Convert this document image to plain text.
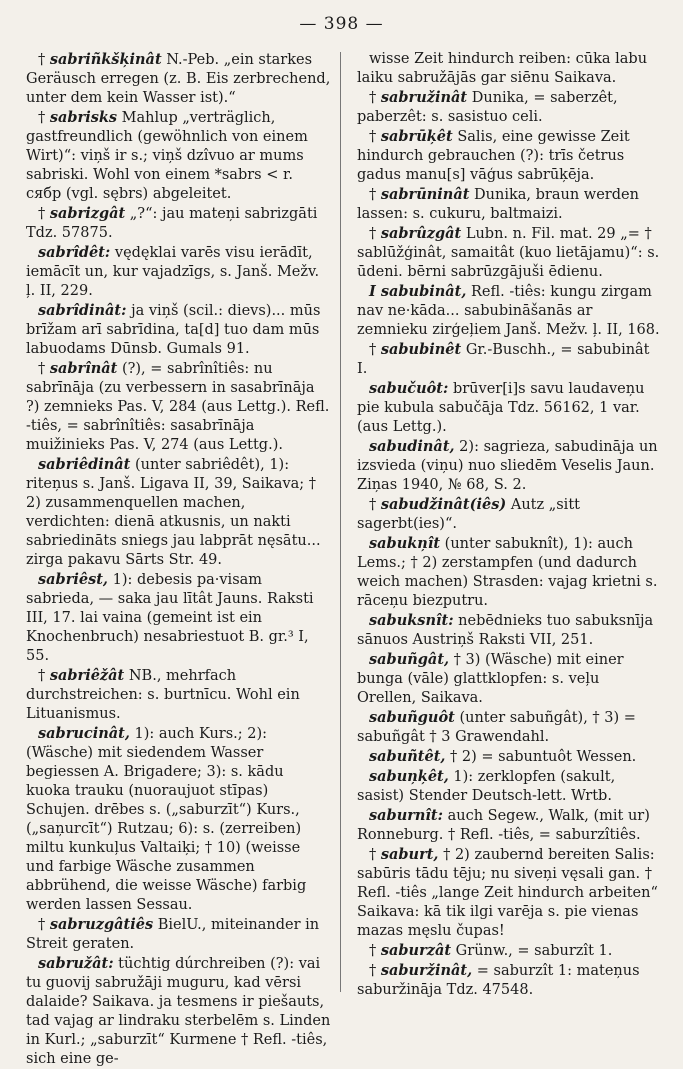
— 398 —
† sabriñkšķinât N.-Peb. „ein starkes Geräusch erregen (z. B. Eis zerbrechend, unter dem kein Wasser ist).“
† sabrisks Mahlup „verträglich, gastfreundlich (gewöhnlich von einem Wirt)“: viņš ir s.; viņš dzîvuo ar mums sabriski. Wohl von einem *sabrs < r. сябр (vgl. sębrs) abgeleitet.
† sabrizgât „?“: jau mateņi sabrizgāti Tdz. 57875.
sabrîdêt: vędęklai varēs visu ierādīt, iemācīt un, kur vajadzīgs, s. Janš. Mežv. ļ. II, 229.
sabrîdinât: ja viņš (scil.: dievs)... mūs brīžam arī sabrīdina, ta[d] tuo dam mūs labuodams Dūnsb. Gumals 91.
† sabrînât (?), = sabrînîtiês: nu sabrīnāja (zu verbessern in sasabrīnāja ?) zemnieks Pas. V, 284 (aus Lettg.). Refl. -tiês, = sabrînîtiês: sasabrīnāja muižinieks Pas. V, 274 (aus Lettg.).
sabriêdinât (unter sabriêdêt), 1): riteņus s. Janš. Ligava II, 39, Saikava; † 2) zusammenquellen machen, verdichten: dienā atkusnis, un nakti sabriedināts sniegs jau labprāt nęsātu... zirga pakavu Sārts Str. 49.
sabriêst, 1): debesis pa·visam sabrieda, — saka jau lītât Jauns. Raksti III, 17. lai vaina (gemeint ist ein Knochenbruch) nesabriestuot B. gr.³ I, 55.
† sabriêžât NB., mehrfach durchstreichen: s. burtnīcu. Wohl ein Lituanismus.
sabrucinât, 1): auch Kurs.; 2): (Wäsche) mit siedendem Wasser begiessen A. Brigadere; 3): s. kādu kuoka trauku (nuoraujuot stīpas) Schujen. drēbes s. („saburzīt“) Kurs., („saņurcīt“) Rutzau; 6): s. (zerreiben) miltu kunkuļus Valtaiķi; † 10) (weisse und farbige Wäsche zusammen abbrühend, die weisse Wäsche) farbig werden lassen Sessau.
† sabruzgâtiês BielU., miteinander in Streit geraten.
sabružât: tüchtig dúrchreiben (?): vai tu guovij sabružāji muguru, kad vērsi dalaide? Saikava. ja tesmens ir piešauts, tad vajag ar lindraku sterbelēm s. Linden in Kurl.; „saburzīt“ Kurmene † Refl. -tiês, sich eine ge-
wisse Zeit hindurch reiben: cūka labu laiku sabružājās gar siēnu Saikava.
† sabružinât Dunika, = saberzêt, paberzêt: s. sasistuo celi.
† sabrūķêt Salis, eine gewisse Zeit hindurch gebrauchen (?): trīs četrus gadus manu[s] vāģus sabrūķēja.
† sabrūninât Dunika, braun werden lassen: s. cukuru, baltmaizi.
† sabrûzgât Lubn. n. Fil. mat. 29 „= † sablūžģinât, samaitât (kuo lietājamu)“: s. ūdeni. bērni sabrūzgājuši ēdienu.
I sabubinât, Refl. -tiês: kungu zirgam nav ne·kāda... sabubināšanās ar zemnieku zirģeļiem Janš. Mežv. ļ. II, 168.
† sabubinêt Gr.-Buschh., = sabubinât I.
sabučuôt: brūver[i]s savu laudaveņu pie kubula sabučāja Tdz. 56162, 1 var. (aus Lettg.).
sabudinât, 2): sagrieza, sabudināja un izsvieda (viņu) nuo sliedēm Veselis Jaun. Ziņas 1940, № 68, S. 2.
† sabudžinât(iês) Autz „sitt sagerbt(ies)“.
sabukņît (unter sabuknît), 1): auch Lems.; † 2) zerstampfen (und dadurch weich machen) Strasden: vajag krietni s. rāceņu biezputru.
sabuksnît: nebēdnieks tuo sabuksnīja sānuos Austriņš Raksti VII, 251.
sabuñgât, † 3) (Wäsche) mit einer bunga (vāle) glattklopfen: s. veļu Orellen, Saikava.
sabuñguôt (unter sabuñgât), † 3) = sabuñgât † 3 Grawendahl.
sabuñtêt, † 2) = sabuntuôt Wessen.
sabuņķêt, 1): zerklopfen (sakult, sasist) Stender Deutsch-lett. Wrtb.
saburnît: auch Segew., Walk, (mit ur) Ronneburg. † Refl. -tiês, = saburzîtiês.
† saburt, † 2) zaubernd bereiten Salis: sabūris tādu tēju; nu siveņi vęsali gan. † Refl. -tiês „lange Zeit hindurch arbeiten“ Saikava: kā tik ilgi varēja s. pie vienas mazas męslu čupas!
† saburzât Grünw., = saburzît 1.
† saburžinât, = saburzît 1: mateņus saburžināja Tdz. 47548.
